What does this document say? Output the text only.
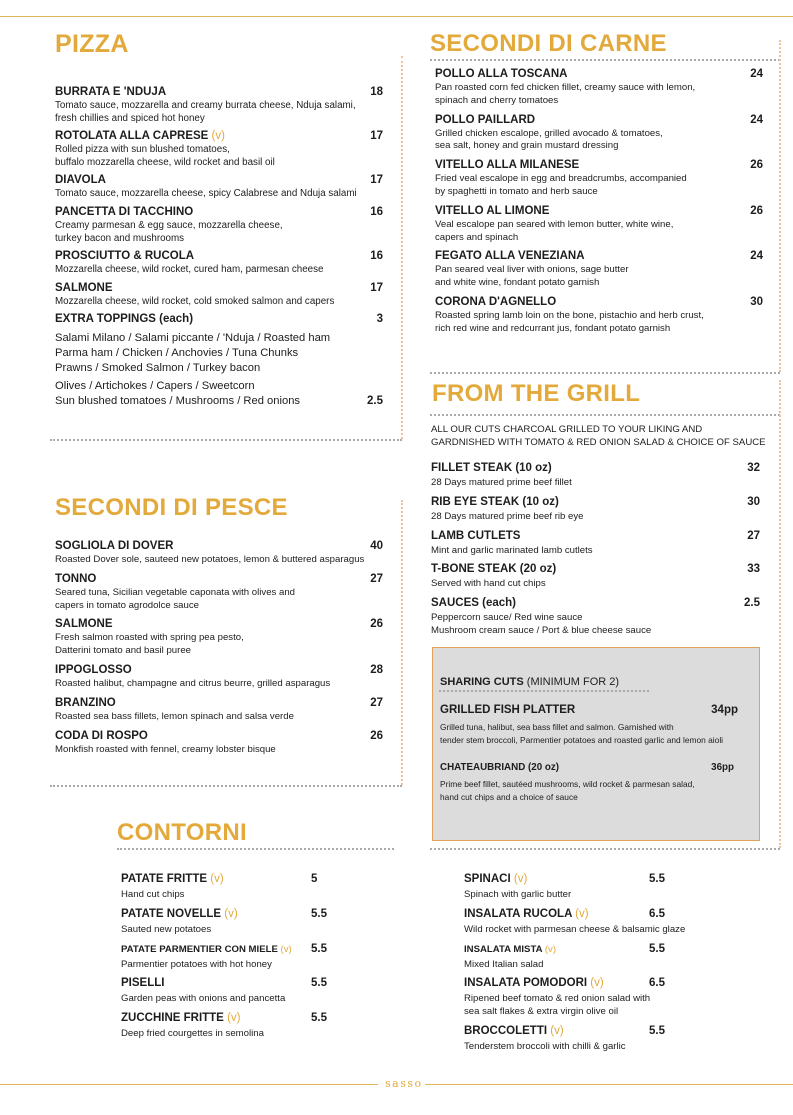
PIZZA
BURRATA E 'NDUJA	18
Tomato sauce, mozzarella and creamy burrata cheese, Nduja salami,
fresh chillies and spiced hot honey
ROTOLATA ALLA CAPRESE (v)	17
Rolled pizza with sun blushed tomatoes,
buffalo mozzarella cheese, wild rocket and basil oil
DIAVOLA	17
Tomato sauce, mozzarella cheese, spicy Calabrese and Nduja salami
PANCETTA DI TACCHINO	16
Creamy parmesan & egg sauce, mozzarella cheese,
turkey bacon and mushrooms
PROSCIUTTO & RUCOLA	16
Mozzarella cheese, wild rocket, cured ham, parmesan cheese
SALMONE	17
Mozzarella cheese, wild rocket, cold smoked salmon and capers
EXTRA TOPPINGS (each)	3
Salami Milano / Salami piccante / 'Nduja / Roasted ham
Parma ham / Chicken / Anchovies / Tuna Chunks
Prawns / Smoked Salmon / Turkey bacon
Olives / Artichokes / Capers / Sweetcorn
Sun blushed tomatoes / Mushrooms / Red onions	2.5
SECONDI DI PESCE
SOGLIOLA DI DOVER	40
Roasted Dover sole, sauteed new potatoes, lemon & buttered asparagus
TONNO	27
Seared tuna, Sicilian vegetable caponata with olives and
capers in tomato agrodolce sauce
SALMONE	26
Fresh salmon roasted with spring pea pesto,
Datterini tomato and basil puree
IPPOGLOSSO	28
Roasted halibut, champagne and citrus beurre, grilled asparagus
BRANZINO	27
Roasted sea bass fillets, lemon spinach and salsa verde
CODA DI ROSPO	26
Monkfish roasted with fennel, creamy lobster bisque
SECONDI DI CARNE
POLLO ALLA TOSCANA	24
Pan roasted corn fed chicken fillet, creamy sauce with lemon,
spinach and cherry tomatoes
POLLO PAILLARD	24
Grilled chicken escalope, grilled avocado & tomatoes,
sea salt, honey and grain mustard dressing
VITELLO ALLA MILANESE	26
Fried veal escalope in egg and breadcrumbs, accompanied
by spaghetti in tomato and herb sauce
VITELLO AL LIMONE	26
Veal escalope pan seared with lemon butter, white wine,
capers and spinach
FEGATO ALLA VENEZIANA	24
Pan seared veal liver with onions, sage butter
and white wine, fondant potato garnish
CORONA D'AGNELLO	30
Roasted spring lamb loin on the bone, pistachio and herb crust,
rich red wine and redcurrant jus, fondant potato garnish
FROM THE GRILL
ALL OUR CUTS CHARCOAL GRILLED TO YOUR LIKING AND
GARDNISHED WITH TOMATO & RED ONION SALAD & CHOICE OF SAUCE
FILLET STEAK (10 oz)	32
28 Days matured prime beef fillet
RIB EYE STEAK (10 oz)	30
28 Days matured prime beef rib eye
LAMB CUTLETS	27
Mint and garlic marinated lamb cutlets
T-BONE STEAK (20 oz)	33
Served with hand cut chips
SAUCES (each)	2.5
Peppercorn sauce/ Red wine sauce
Mushroom cream sauce / Port & blue cheese sauce
SHARING CUTS (MINIMUM FOR 2)
GRILLED FISH PLATTER	34pp
Grilled tuna, halibut, sea bass fillet and salmon. Garnished with
tender stem broccoli, Parmentier potatoes and roasted garlic and lemon aioli
CHATEAUBRIAND (20 oz)	36pp
Prime beef fillet, sautéed mushrooms, wild rocket & parmesan salad,
hand cut chips and a choice of sauce
CONTORNI
PATATE FRITTE (v)	5
Hand cut chips
PATATE NOVELLE (v)	5.5
Sauted new potatoes
PATATE PARMENTIER CON MIELE (v)	5.5
Parmentier potatoes with hot honey
PISELLI	5.5
Garden peas with onions and pancetta
ZUCCHINE FRITTE (v)	5.5
Deep fried courgettes in semolina
SPINACI (v)	5.5
Spinach with garlic butter
INSALATA RUCOLA (v)	6.5
Wild rocket with parmesan cheese & balsamic glaze
INSALATA MISTA (v)	5.5
Mixed Italian salad
INSALATA POMODORI (v)	6.5
Ripened beef tomato & red onion salad with
sea salt flakes & extra virgin olive oil
BROCCOLETTI (v)	5.5
Tenderstem broccoli with chilli & garlic
sasso
